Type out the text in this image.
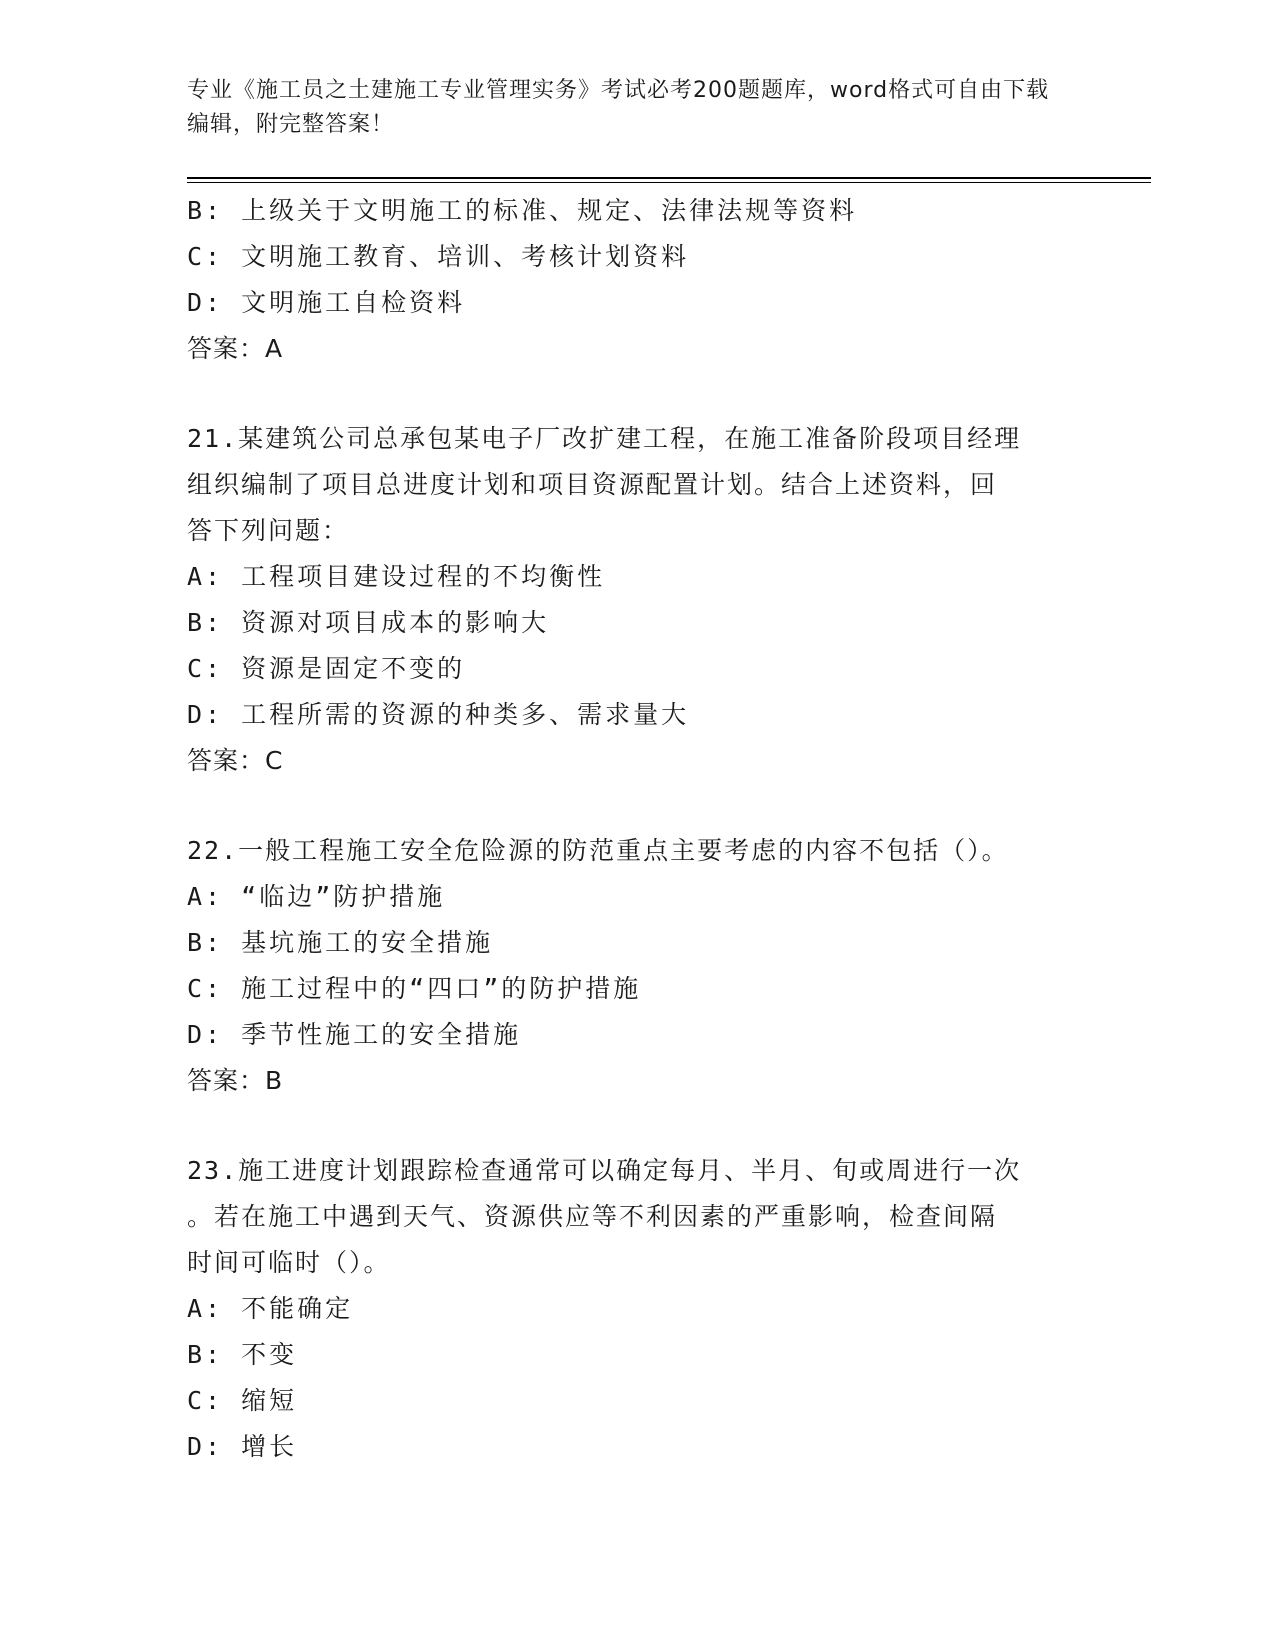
专业《施工员之土建施工专业管理实务》考试必考200题题库，word格式可自由下载编辑，附完整答案！
B: 上级关于文明施工的标准、规定、法律法规等资料
C: 文明施工教育、培训、考核计划资料
D: 文明施工自检资料
答案：A
21.某建筑公司总承包某电子厂改扩建工程，在施工准备阶段项目经理
组织编制了项目总进度计划和项目资源配置计划。结合上述资料，回
答下列问题：
A: 工程项目建设过程的不均衡性
B: 资源对项目成本的影响大
C: 资源是固定不变的
D: 工程所需的资源的种类多、需求量大
答案：C
22.一般工程施工安全危险源的防范重点主要考虑的内容不包括（）。
A: “临边”防护措施
B: 基坑施工的安全措施
C: 施工过程中的“四口”的防护措施
D: 季节性施工的安全措施
答案：B
23.施工进度计划跟踪检查通常可以确定每月、半月、旬或周进行一次
。若在施工中遇到天气、资源供应等不利因素的严重影响，检查间隔
时间可临时（）。
A: 不能确定
B: 不变
C: 缩短
D: 增长
